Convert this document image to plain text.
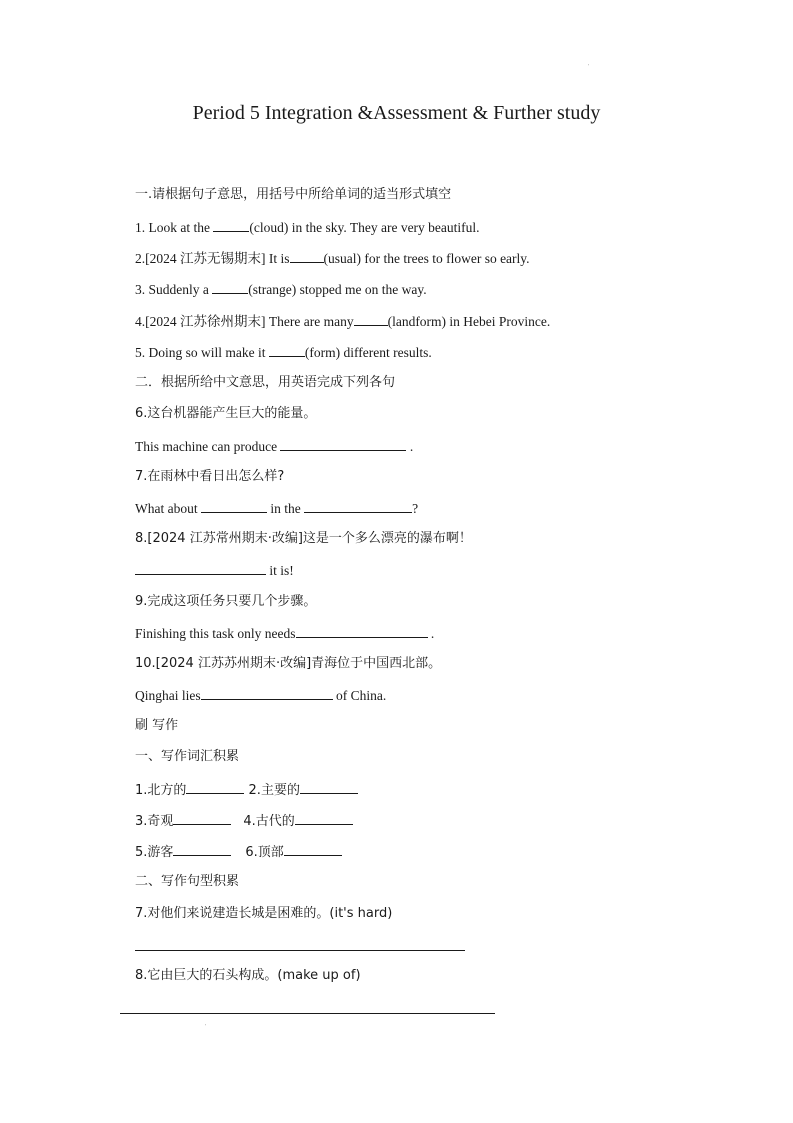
'
Period 5 Integration &Assessment & Further study
一.请根据句子意思，用括号中所给单词的适当形式填空
1. Look at the	(cloud) in the sky. They are very beautiful.
2.[2024 江苏无锡期末] It is	(usual) for the trees to flower so early.
3. Suddenly a	(strange) stopped me on the way.
4.[2024 江苏徐州期末] There are many	(landform) in Hebei Province.
5. Doing so will make it	(form) different results.
二．根据所给中文意思，用英语完成下列各句
6.这台机器能产生巨大的能量。
This machine can produce	.
7.在雨林中看日出怎么样?
What about	in the	?
8.[2024 江苏常州期末·改编]这是一个多么漂亮的瀑布啊！
it is!
9.完成这项任务只要几个步骤。
Finishing this task only needs	.
10.[2024 江苏苏州期末·改编]青海位于中国西北部。
Qinghai lies	of China.
刷 写作
一、写作词汇积累
1.北方的	2.主要的
3.奇观	4.古代的
5.游客	6.顶部
二、写作句型积累
7.对他们来说建造长城是困难的。(it's hard)
8.它由巨大的石头构成。(make up of)
'
